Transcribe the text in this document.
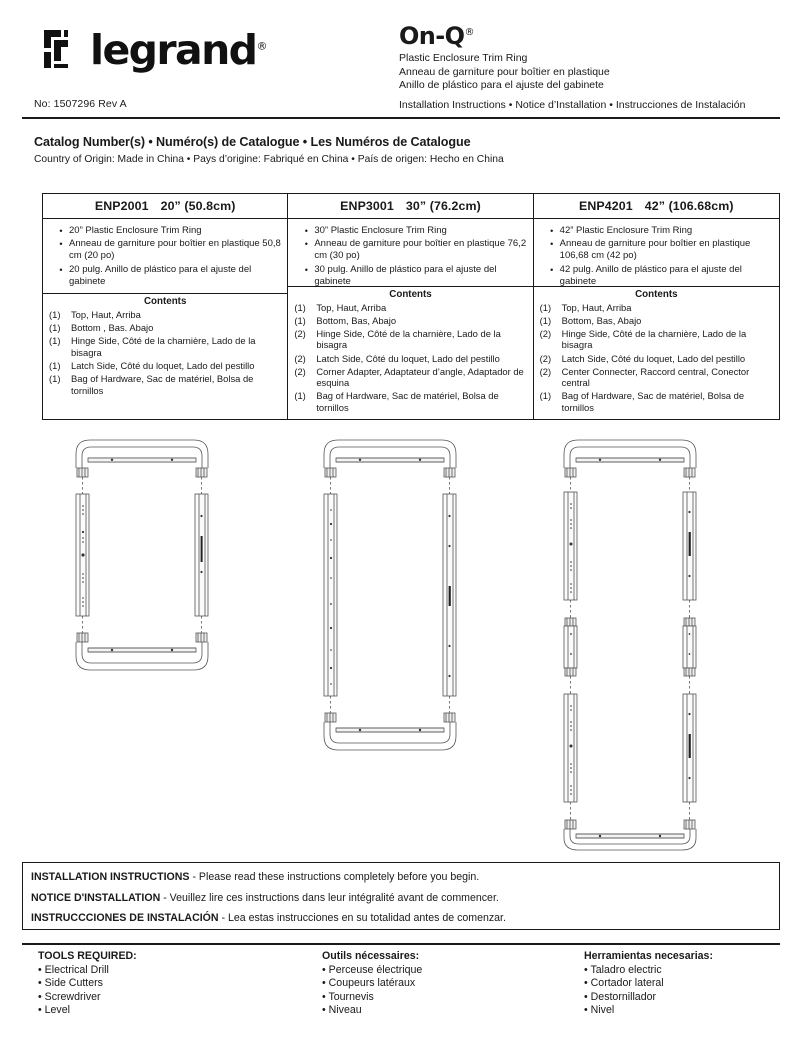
legrand®
No: 1507296 Rev A
On-Q®
Plastic Enclosure Trim Ring
Anneau de garniture pour boîtier en plastique
Anillo de plástico para el ajuste del gabinete
Installation Instructions • Notice d’Installation • Instrucciones de Instalación
Catalog Number(s) • Numéro(s) de Catalogue • Les Numéros de Catalogue
Country of Origin: Made in China • Pays d’origine: Fabriqué en China • País de origen: Hecho en China
ENP2001 20” (50.8cm)
• 20” Plastic Enclosure Trim Ring
• Anneau de garniture pour boîtier en plastique 50,8 cm (20 po)
• 20 pulg. Anillo de plástico para el ajuste del gabinete
Contents
(1)	Top, Haut, Arriba
(1)	Bottom , Bas. Abajo
(1)	Hinge Side, Côté de la charnière, Lado de la bisagra
(1)	Latch Side, Côté du loquet, Lado del pestillo
(1)	Bag of Hardware, Sac de matériel, Bolsa de tornillos
ENP3001 30” (76.2cm)
• 30” Plastic Enclosure Trim Ring
• Anneau de garniture pour boîtier en plastique 76,2 cm (30 po)
• 30 pulg. Anillo de plástico para el ajuste del gabinete
Contents
(1)	Top, Haut, Arriba
(1)	Bottom, Bas, Abajo
(2)	Hinge Side, Côté de la charnière, Lado de la bisagra
(2)	Latch Side, Côté du loquet, Lado del pestillo
(2)	Corner Adapter, Adaptateur d’angle, Adaptador de esquina
(1)	Bag of Hardware, Sac de matériel, Bolsa de tornillos
ENP4201 42” (106.68cm)
• 42” Plastic Enclosure Trim Ring
• Anneau de garniture pour boîtier en plastique 106,68 cm (42 po)
• 42 pulg. Anillo de plástico para el ajuste del gabinete
Contents
(1)	Top, Haut, Arriba
(1)	Bottom, Bas, Abajo
(2)	Hinge Side, Côté de la charnière, Lado de la bisagra
(2)	Latch Side, Côté du loquet, Lado del pestillo
(2)	Center Connecter, Raccord central, Conector central
(1)	Bag of Hardware, Sac de matériel, Bolsa de tornillos
INSTALLATION INSTRUCTIONS - Please read these instructions completely before you begin.
NOTICE D'INSTALLATION - Veuillez lire ces instructions dans leur intégralité avant de commencer.
INSTRUCCCIONES DE INSTALACIÓN - Lea estas instrucciones en su totalidad antes de comenzar.
TOOLS REQUIRED:
• Electrical Drill
• Side Cutters
• Screwdriver
• Level
Outils nécessaires:
• Perceuse électrique
• Coupeurs latéraux
• Tournevis
• Niveau
Herramientas necesarias:
• Taladro electric
• Cortador lateral
• Destornillador
• Nivel
